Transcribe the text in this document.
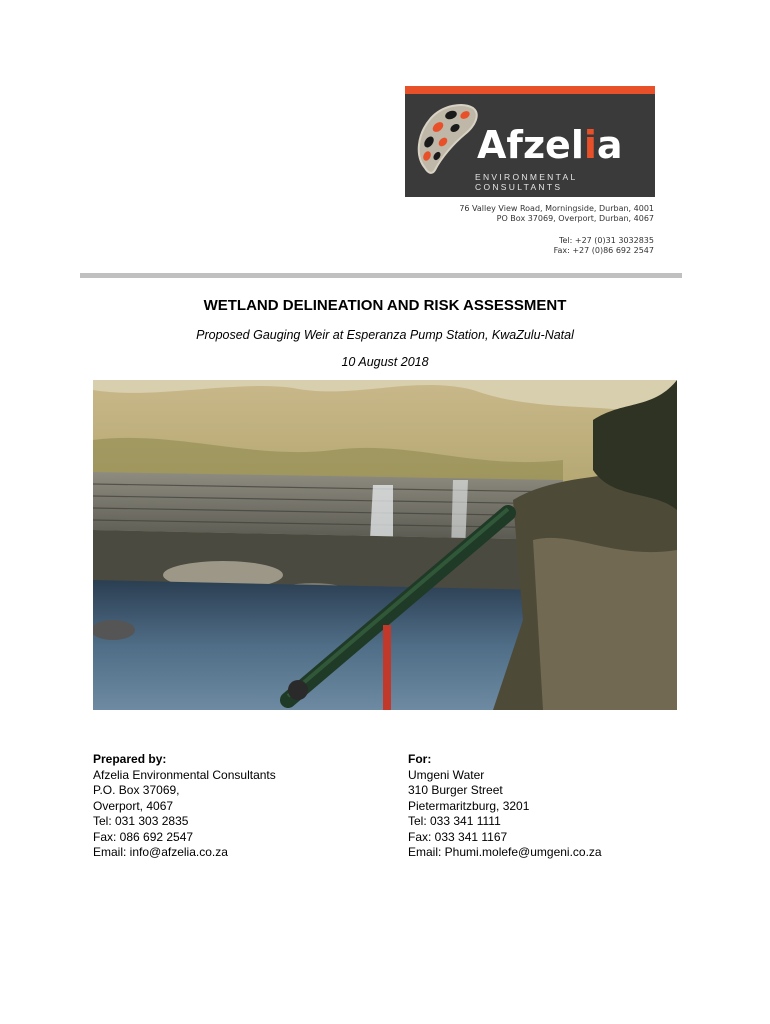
Afzelia
ENVIRONMENTAL CONSULTANTS
76 Valley View Road, Morningside, Durban, 4001
PO Box 37069, Overport, Durban, 4067
Tel: +27 (0)31 3032835
Fax: +27 (0)86 692 2547
WETLAND DELINEATION AND RISK ASSESSMENT
Proposed Gauging Weir at Esperanza Pump Station, KwaZulu-Natal
10 August 2018
Prepared by:
Afzelia Environmental Consultants
P.O. Box 37069,
Overport, 4067
Tel: 031 303 2835
Fax: 086 692 2547
Email: info@afzelia.co.za
For:
Umgeni Water
310 Burger Street
Pietermaritzburg, 3201
Tel: 033 341 1111
Fax: 033 341 1167
Email: Phumi.molefe@umgeni.co.za
